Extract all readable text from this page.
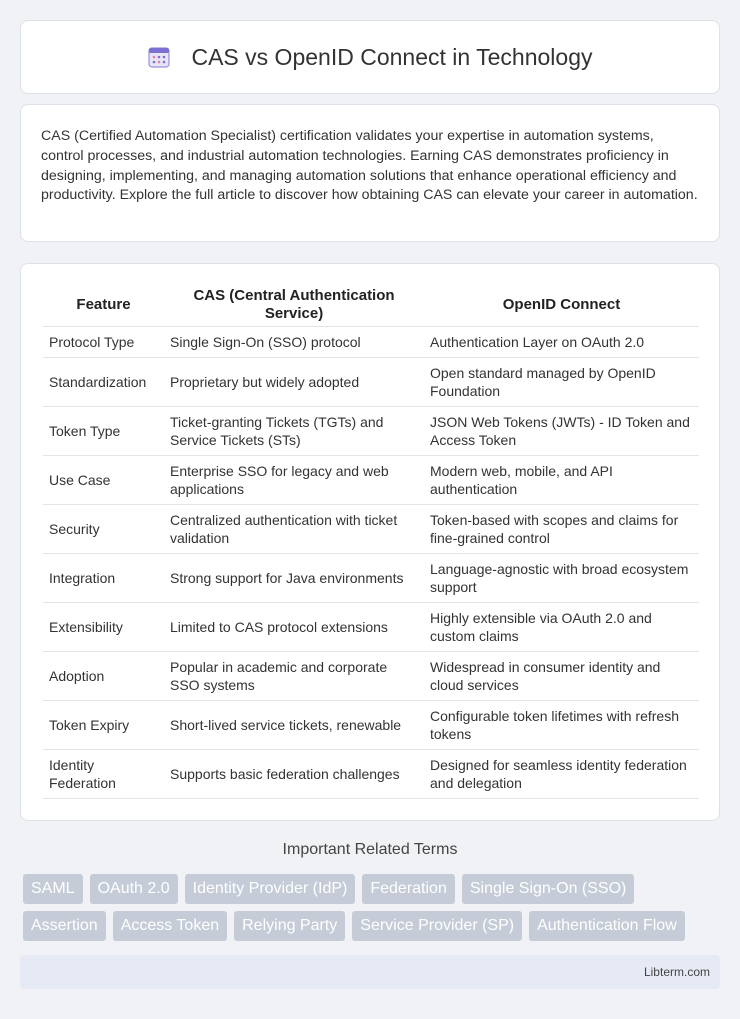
CAS vs OpenID Connect in Technology

CAS (Certified Automation Specialist) certification validates your expertise in automation systems, control processes, and industrial automation technologies. Earning CAS demonstrates proficiency in designing, implementing, and managing automation solutions that enhance operational efficiency and productivity. Explore the full article to discover how obtaining CAS can elevate your career in automation.

Feature	CAS (Central Authentication Service)	OpenID Connect
Protocol Type	Single Sign-On (SSO) protocol	Authentication Layer on OAuth 2.0
Standardization	Proprietary but widely adopted	Open standard managed by OpenID Foundation
Token Type	Ticket-granting Tickets (TGTs) and Service Tickets (STs)	JSON Web Tokens (JWTs) - ID Token and Access Token
Use Case	Enterprise SSO for legacy and web applications	Modern web, mobile, and API authentication
Security	Centralized authentication with ticket validation	Token-based with scopes and claims for fine-grained control
Integration	Strong support for Java environments	Language-agnostic with broad ecosystem support
Extensibility	Limited to CAS protocol extensions	Highly extensible via OAuth 2.0 and custom claims
Adoption	Popular in academic and corporate SSO systems	Widespread in consumer identity and cloud services
Token Expiry	Short-lived service tickets, renewable	Configurable token lifetimes with refresh tokens
Identity Federation	Supports basic federation challenges	Designed for seamless identity federation and delegation
Important Related Terms
SAML	OAuth 2.0	Identity Provider (IdP)	Federation	Single Sign-On (SSO)
Assertion	Access Token	Relying Party	Service Provider (SP)	Authentication Flow
Libterm.com
